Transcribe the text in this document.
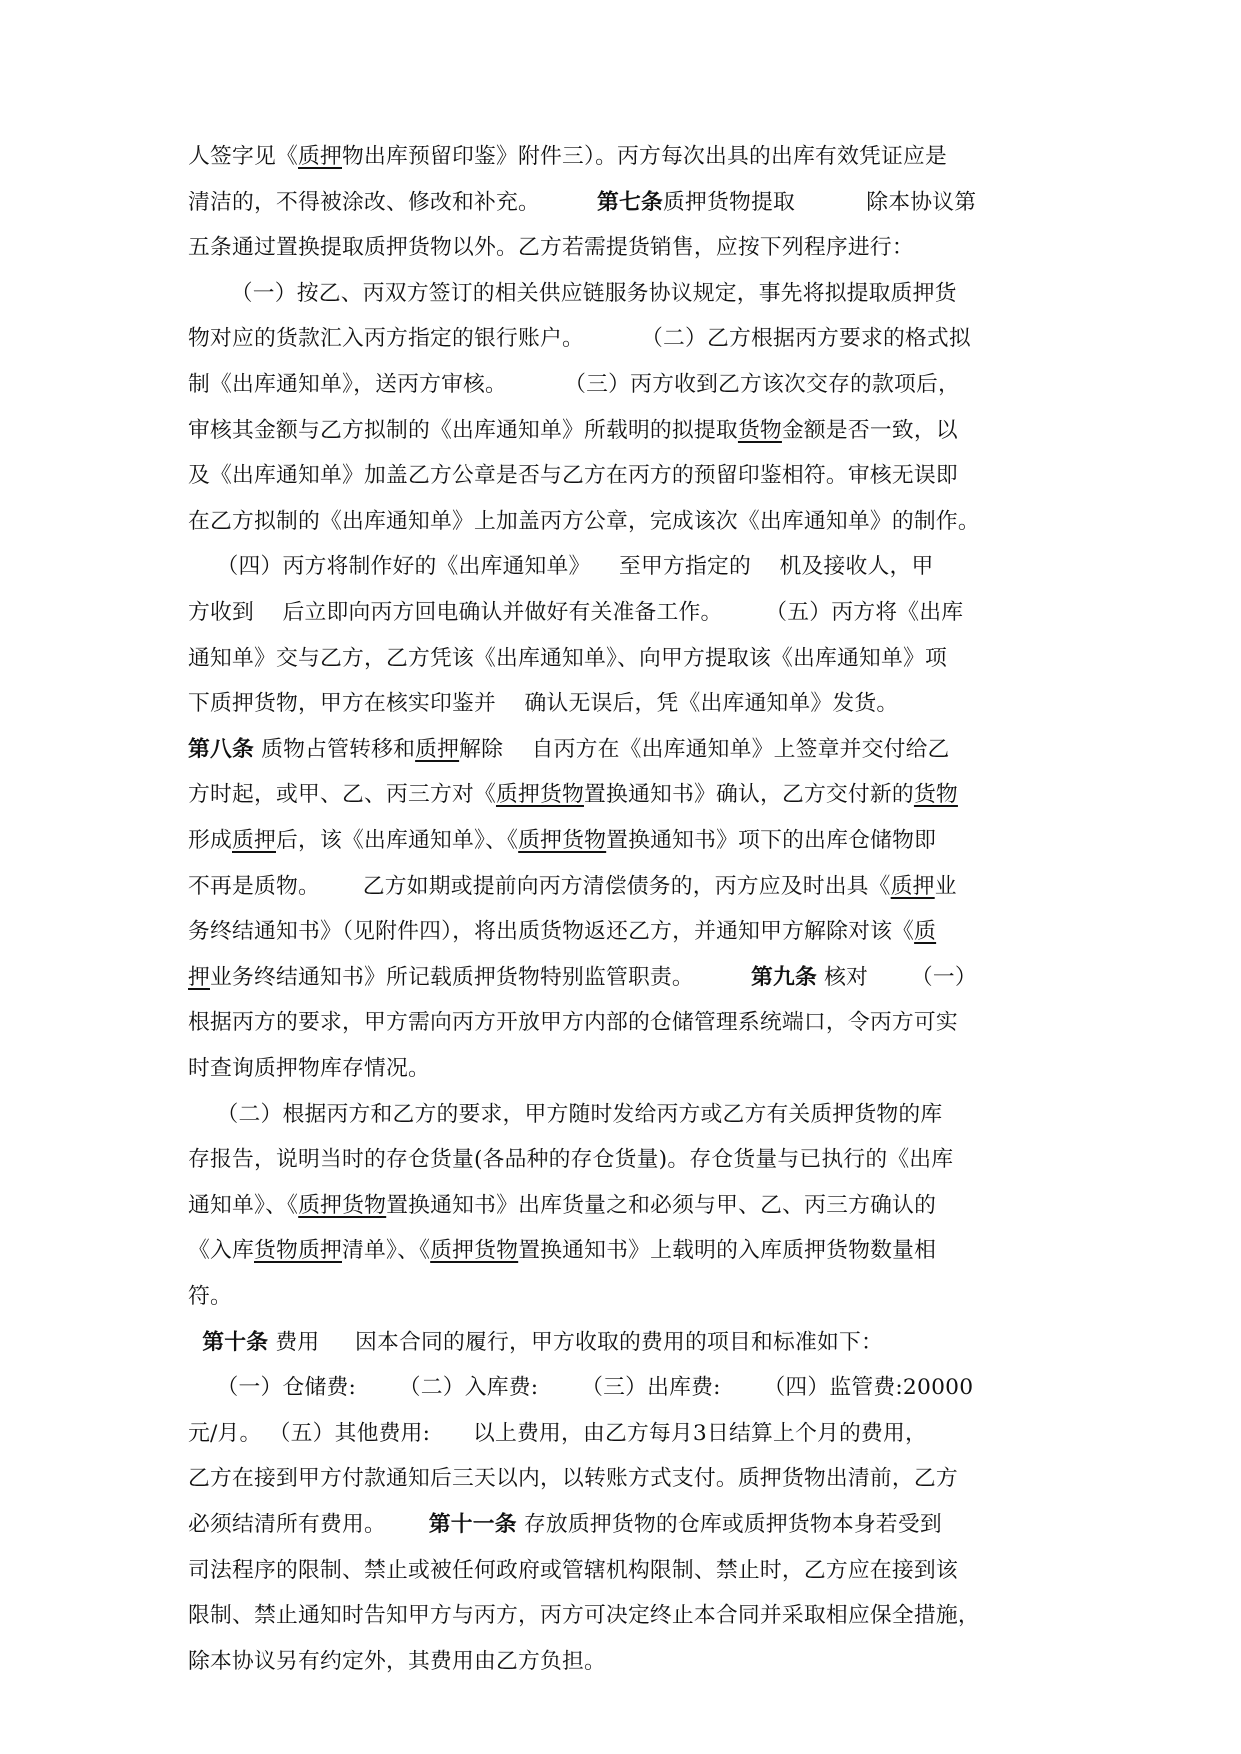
人签字见《质押物出库预留印鉴》附件三）。丙方每次出具的出库有效凭证应是
清洁的，不得被涂改、修改和补充。        第七条质押货物提取          除本协议第
五条通过置换提取质押货物以外。乙方若需提货销售，应按下列程序进行：
（一）按乙、丙双方签订的相关供应链服务协议规定，事先将拟提取质押货
物对应的货款汇入丙方指定的银行账户。        （二）乙方根据丙方要求的格式拟
制《出库通知单》，送丙方审核。        （三）丙方收到乙方该次交存的款项后，
审核其金额与乙方拟制的《出库通知单》所载明的拟提取货物金额是否一致，以
及《出库通知单》加盖乙方公章是否与乙方在丙方的预留印鉴相符。审核无误即
在乙方拟制的《出库通知单》上加盖丙方公章，完成该次《出库通知单》的制作。
（四）丙方将制作好的《出库通知单》    至甲方指定的    机及接收人，甲
方收到    后立即向丙方回电确认并做好有关准备工作。      （五）丙方将《出库
通知单》交与乙方，乙方凭该《出库通知单》、向甲方提取该《出库通知单》项
下质押货物，甲方在核实印鉴并    确认无误后，凭《出库通知单》发货。
第八条 质物占管转移和质押解除    自丙方在《出库通知单》上签章并交付给乙
方时起，或甲、乙、丙三方对《质押货物置换通知书》确认，乙方交付新的货物
形成质押后，该《出库通知单》、《质押货物置换通知书》项下的出库仓储物即
不再是质物。      乙方如期或提前向丙方清偿债务的，丙方应及时出具《质押业
务终结通知书》（见附件四），将出质货物返还乙方，并通知甲方解除对该《质
押业务终结通知书》所记载质押货物特别监管职责。        第九条 核对      （一）
根据丙方的要求，甲方需向丙方开放甲方内部的仓储管理系统端口，令丙方可实
时查询质押物库存情况。
（二）根据丙方和乙方的要求，甲方随时发给丙方或乙方有关质押货物的库
存报告，说明当时的存仓货量(各品种的存仓货量)。存仓货量与已执行的《出库
通知单》、《质押货物置换通知书》出库货量之和必须与甲、乙、丙三方确认的
《入库货物质押清单》、《质押货物置换通知书》上载明的入库质押货物数量相
符。
第十条 费用     因本合同的履行，甲方收取的费用的项目和标准如下：
（一）仓储费:      （二）入库费:      （三）出库费:      （四）监管费:20000
元/月。 （五）其他费用:      以上费用，由乙方每月3日结算上个月的费用，
乙方在接到甲方付款通知后三天以内，以转账方式支付。质押货物出清前，乙方
必须结清所有费用。      第十一条 存放质押货物的仓库或质押货物本身若受到
司法程序的限制、禁止或被任何政府或管辖机构限制、禁止时，乙方应在接到该
限制、禁止通知时告知甲方与丙方，丙方可决定终止本合同并采取相应保全措施，
除本协议另有约定外，其费用由乙方负担。
